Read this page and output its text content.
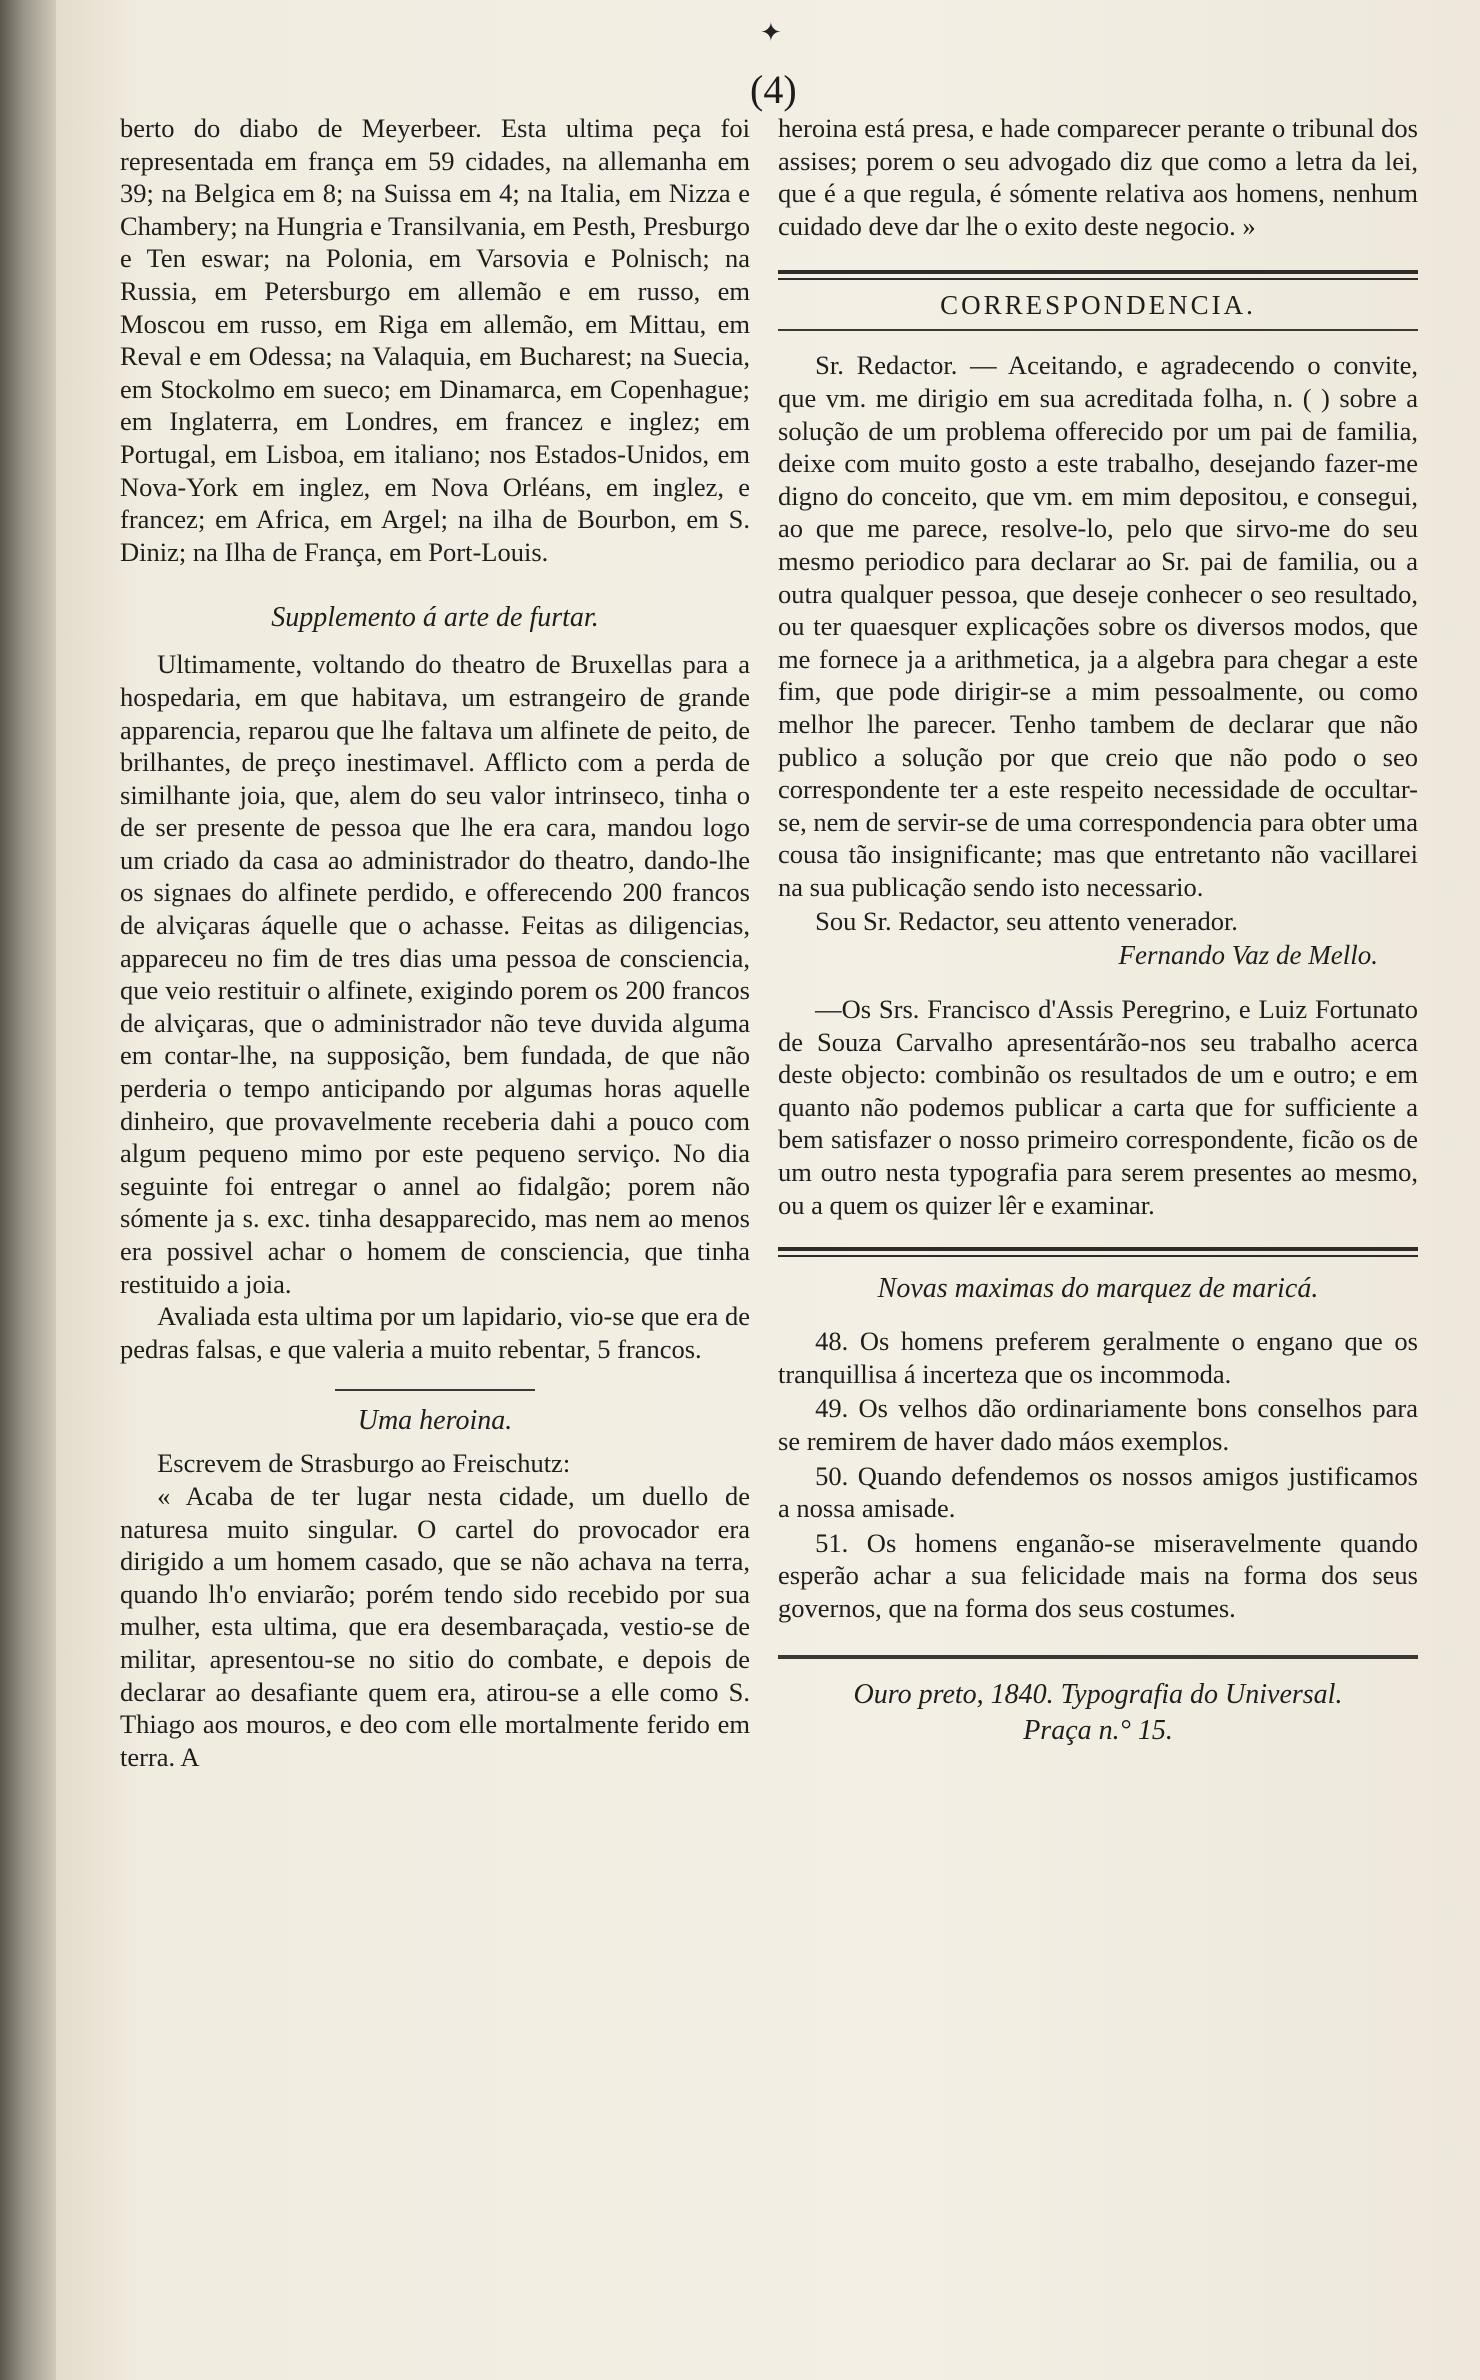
✦
(4)

berto do diabo de Meyerbeer. Esta ultima peça foi representada em frança em 59 cidades, na allemanha em 39; na Belgica em 8; na Suissa em 4; na Italia, em Nizza e Chambery; na Hungria e Transilvania, em Pesth, Presburgo e Ten eswar; na Polonia, em Varsovia e Polnisch; na Russia, em Petersburgo em allemão e em russo, em Moscou em russo, em Riga em allemão, em Mittau, em Reval e em Odessa; na Valaquia, em Bucharest; na Suecia, em Stockolmo em sueco; em Dinamarca, em Copenhague; em Inglaterra, em Londres, em francez e inglez; em Portugal, em Lisboa, em italiano; nos Estados-Unidos, em Nova-York em inglez, em Nova Orléans, em inglez, e francez; em Africa, em Argel; na ilha de Bourbon, em S. Diniz; na Ilha de França, em Port-Louis.

Supplemento á arte de furtar.

Ultimamente, voltando do theatro de Bruxellas para a hospedaria, em que habitava, um estrangeiro de grande apparencia, reparou que lhe faltava um alfinete de peito, de brilhantes, de preço inestimavel. Afflicto com a perda de similhante joia, que, alem do seu valor intrinseco, tinha o de ser presente de pessoa que lhe era cara, mandou logo um criado da casa ao administrador do theatro, dando-lhe os signaes do alfinete perdido, e offerecendo 200 francos de alviçaras áquelle que o achasse. Feitas as diligencias, appareceu no fim de tres dias uma pessoa de consciencia, que veio restituir o alfinete, exigindo porem os 200 francos de alviçaras, que o administrador não teve duvida alguma em contar-lhe, na supposição, bem fundada, de que não perderia o tempo anticipando por algumas horas aquelle dinheiro, que provavelmente receberia dahi a pouco com algum pequeno mimo por este pequeno serviço. No dia seguinte foi entregar o annel ao fidalgão; porem não sómente ja s. exc. tinha desapparecido, mas nem ao menos era possivel achar o homem de consciencia, que tinha restituido a joia.

Avaliada esta ultima por um lapidario, vio-se que era de pedras falsas, e que valeria a muito rebentar, 5 francos.

Uma heroina.

Escrevem de Strasburgo ao Freischutz:

« Acaba de ter lugar nesta cidade, um duello de naturesa muito singular. O cartel do provocador era dirigido a um homem casado, que se não achava na terra, quando lh'o enviarão; porém tendo sido recebido por sua mulher, esta ultima, que era desembaraçada, vestio-se de militar, apresentou-se no sitio do combate, e depois de declarar ao desafiante quem era, atirou-se a elle como S. Thiago aos mouros, e deo com elle mortalmente ferido em terra. A

heroina está presa, e hade comparecer perante o tribunal dos assises; porem o seu advogado diz que como a letra da lei, que é a que regula, é sómente relativa aos homens, nenhum cuidado deve dar lhe o exito deste negocio. »

CORRESPONDENCIA.

Sr. Redactor. — Aceitando, e agradecendo o convite, que vm. me dirigio em sua acreditada folha, n. ( ) sobre a solução de um problema offerecido por um pai de familia, deixe com muito gosto a este trabalho, desejando fazer-me digno do conceito, que vm. em mim depositou, e consegui, ao que me parece, resolve-lo, pelo que sirvo-me do seu mesmo periodico para declarar ao Sr. pai de familia, ou a outra qualquer pessoa, que deseje conhecer o seo resultado, ou ter quaesquer explicações sobre os diversos modos, que me fornece ja a arithmetica, ja a algebra para chegar a este fim, que pode dirigir-se a mim pessoalmente, ou como melhor lhe parecer. Tenho tambem de declarar que não publico a solução por que creio que não podo o seo correspondente ter a este respeito necessidade de occultar-se, nem de servir-se de uma correspondencia para obter uma cousa tão insignificante; mas que entretanto não vacillarei na sua publicação sendo isto necessario.

Sou Sr. Redactor, seu attento venerador.

Fernando Vaz de Mello.

—Os Srs. Francisco d'Assis Peregrino, e Luiz Fortunato de Souza Carvalho apresentárão-nos seu trabalho acerca deste objecto: combinão os resultados de um e outro; e em quanto não podemos publicar a carta que for sufficiente a bem satisfazer o nosso primeiro correspondente, ficão os de um outro nesta typografia para serem presentes ao mesmo, ou a quem os quizer lêr e examinar.

Novas maximas do marquez de maricá.

48. Os homens preferem geralmente o engano que os tranquillisa á incerteza que os incommoda.

49. Os velhos dão ordinariamente bons conselhos para se remirem de haver dado máos exemplos.

50. Quando defendemos os nossos amigos justificamos a nossa amisade.

51. Os homens enganão-se miseravelmente quando esperão achar a sua felicidade mais na forma dos seus governos, que na forma dos seus costumes.

Ouro preto, 1840. Typografia do Universal.
Praça n.° 15.
